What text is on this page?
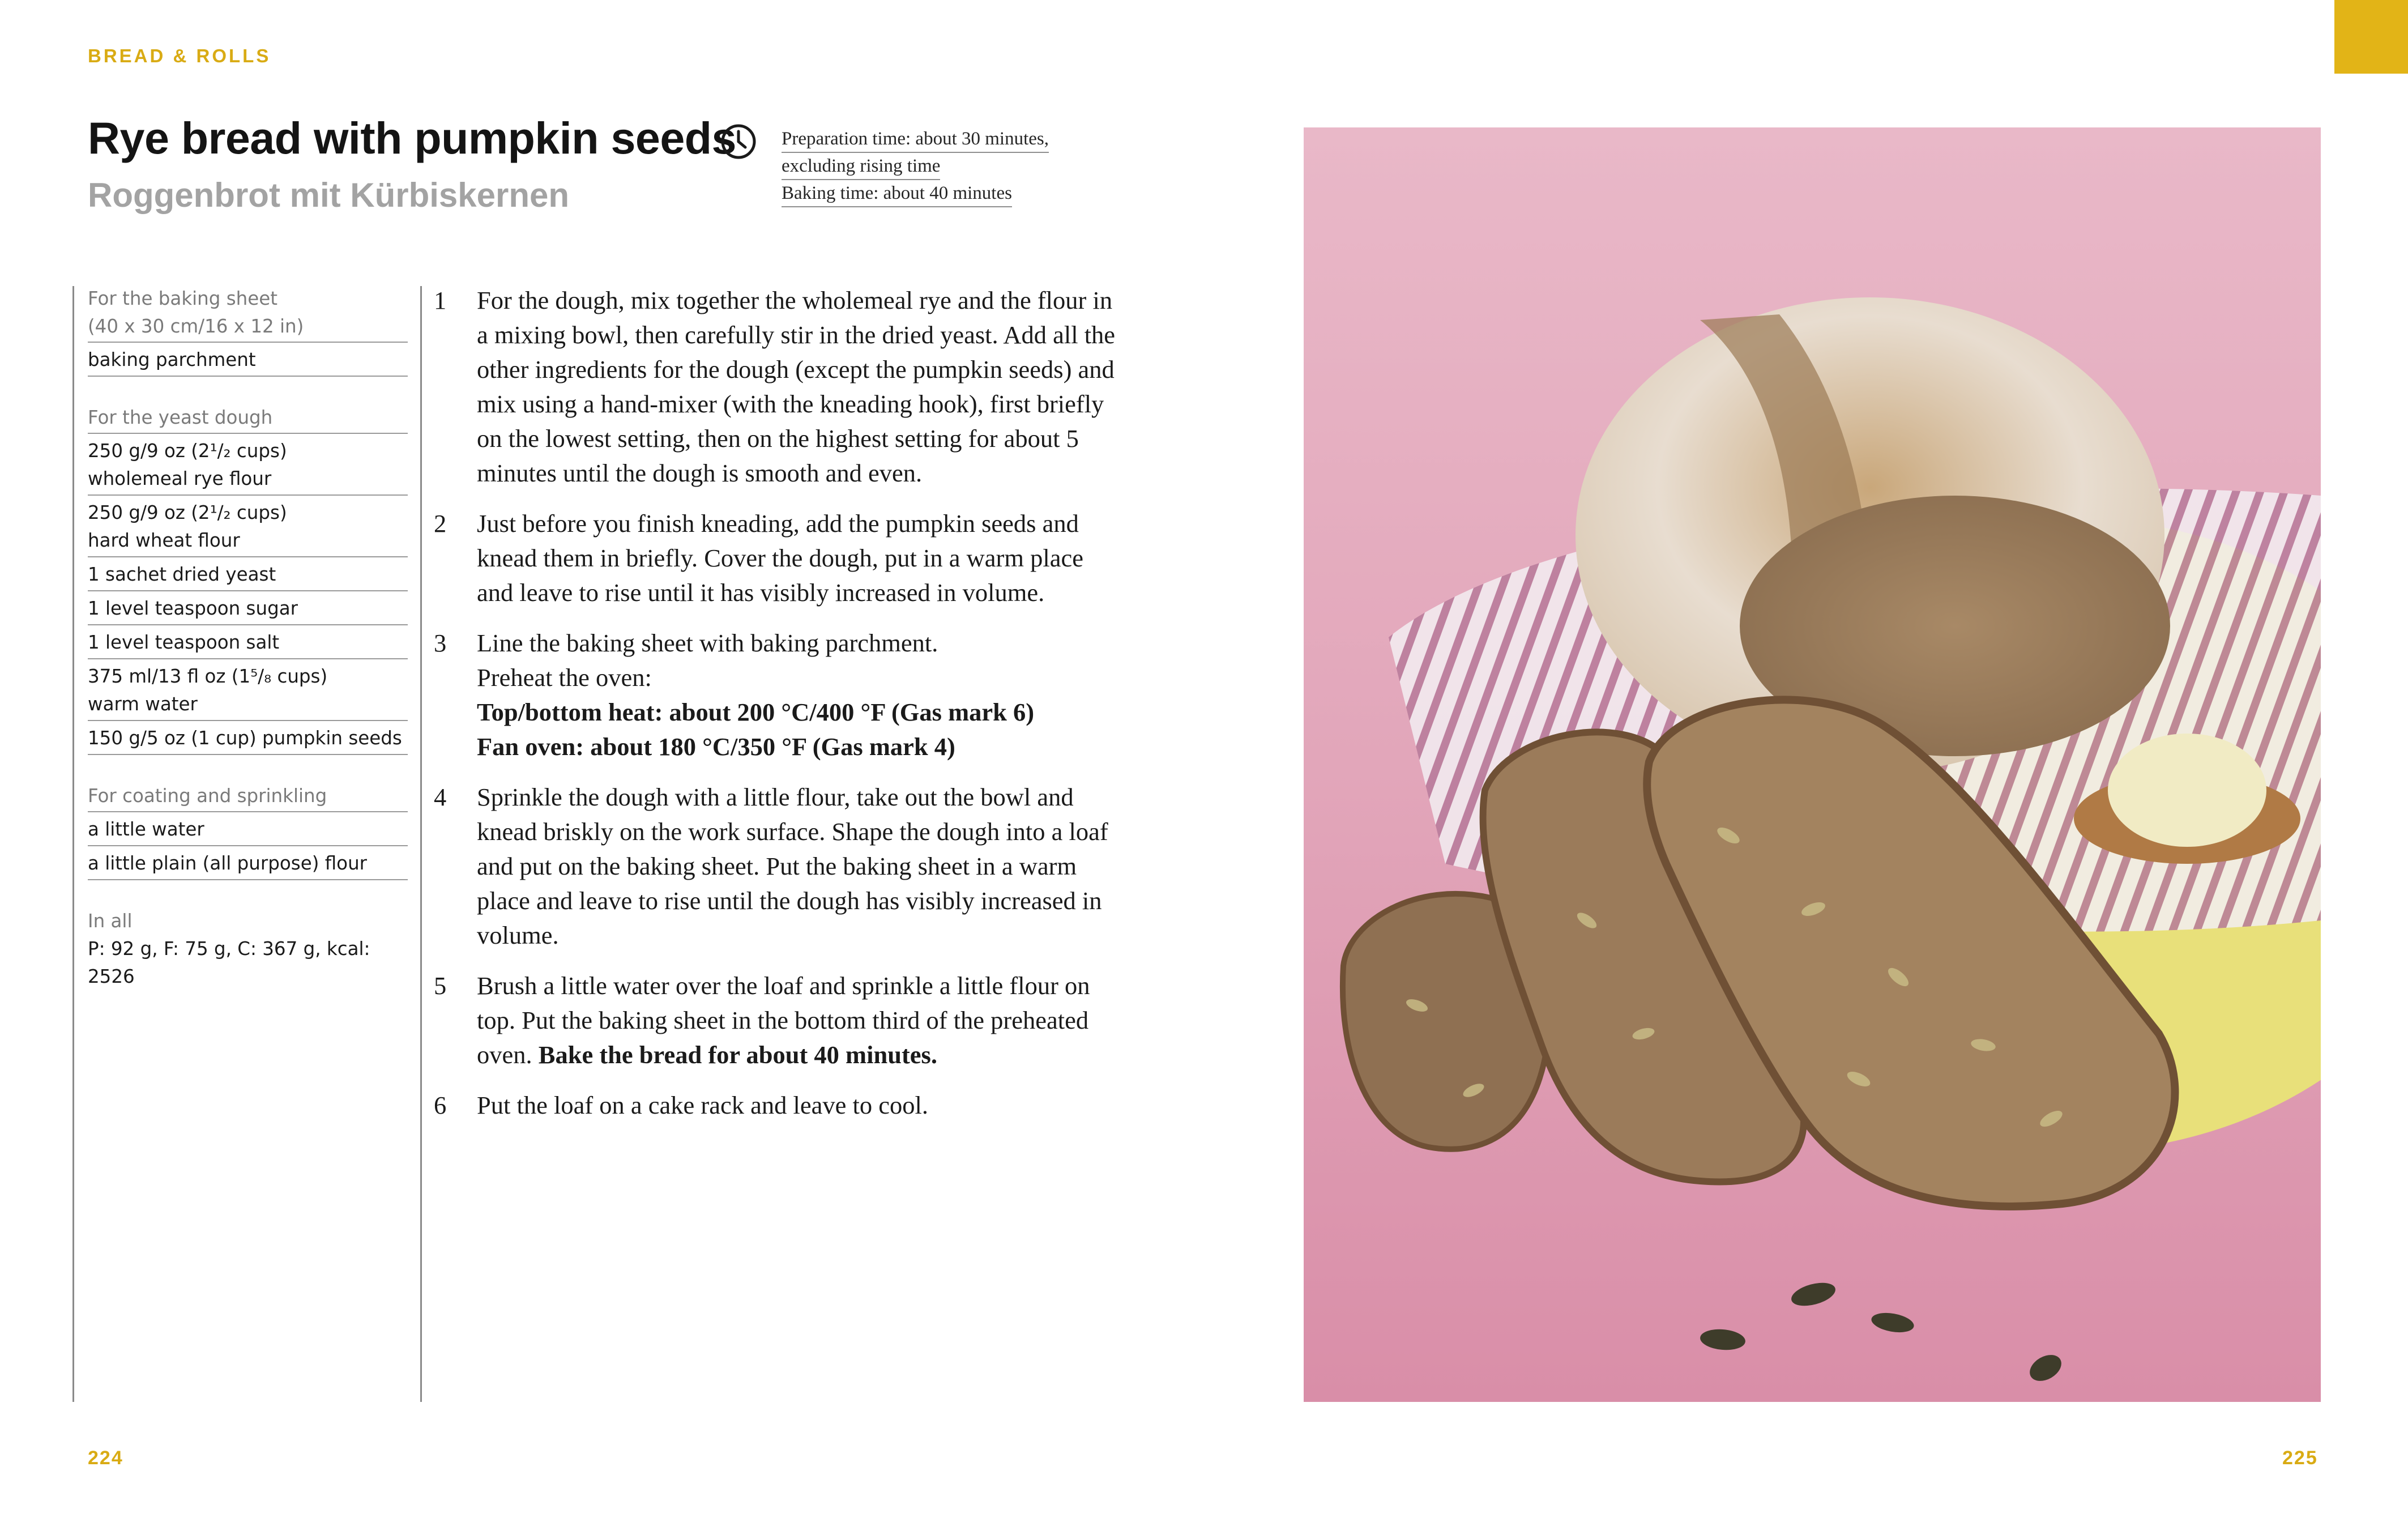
BREAD & ROLLS
Rye bread with pumpkin seeds
Roggenbrot mit Kürbiskernen
Preparation time: about 30 minutes,
excluding rising time
Baking time: about 40 minutes
For the baking sheet
(40 x 30 cm/16 x 12 in)
baking parchment
For the yeast dough
250 g/9 oz (2¹/₂ cups)
wholemeal rye flour
250 g/9 oz (2¹/₂ cups)
hard wheat flour
1 sachet dried yeast
1 level teaspoon sugar
1 level teaspoon salt
375 ml/13 fl oz (1⁵/₈ cups)
warm water
150 g/5 oz (1 cup) pumpkin seeds
For coating and sprinkling
a little water
a little plain (all purpose) flour
In all
P: 92 g, F: 75 g, C: 367 g, kcal: 2526
1	For the dough, mix together the wholemeal rye and the flour in a mixing bowl, then carefully stir in the dried yeast. Add all the other ingredients for the dough (except the pumpkin seeds) and mix using a hand-mixer (with the kneading hook), first briefly on the lowest setting, then on the highest setting for about 5 minutes until the dough is smooth and even.
2	Just before you finish kneading, add the pumpkin seeds and knead them in briefly. Cover the dough, put in a warm place and leave to rise until it has visibly increased in volume.
3	Line the baking sheet with baking parchment.
Preheat the oven:
Top/bottom heat: about 200 °C/400 °F (Gas mark 6)
Fan oven: about 180 °C/350 °F (Gas mark 4)
4	Sprinkle the dough with a little flour, take out the bowl and knead briskly on the work surface. Shape the dough into a loaf and put on the baking sheet. Put the baking sheet in a warm place and leave to rise until the dough has visibly increased in volume.
5	Brush a little water over the loaf and sprinkle a little flour on top. Put the baking sheet in the bottom third of the preheated oven. Bake the bread for about 40 minutes.
6	Put the loaf on a cake rack and leave to cool.
224	225
